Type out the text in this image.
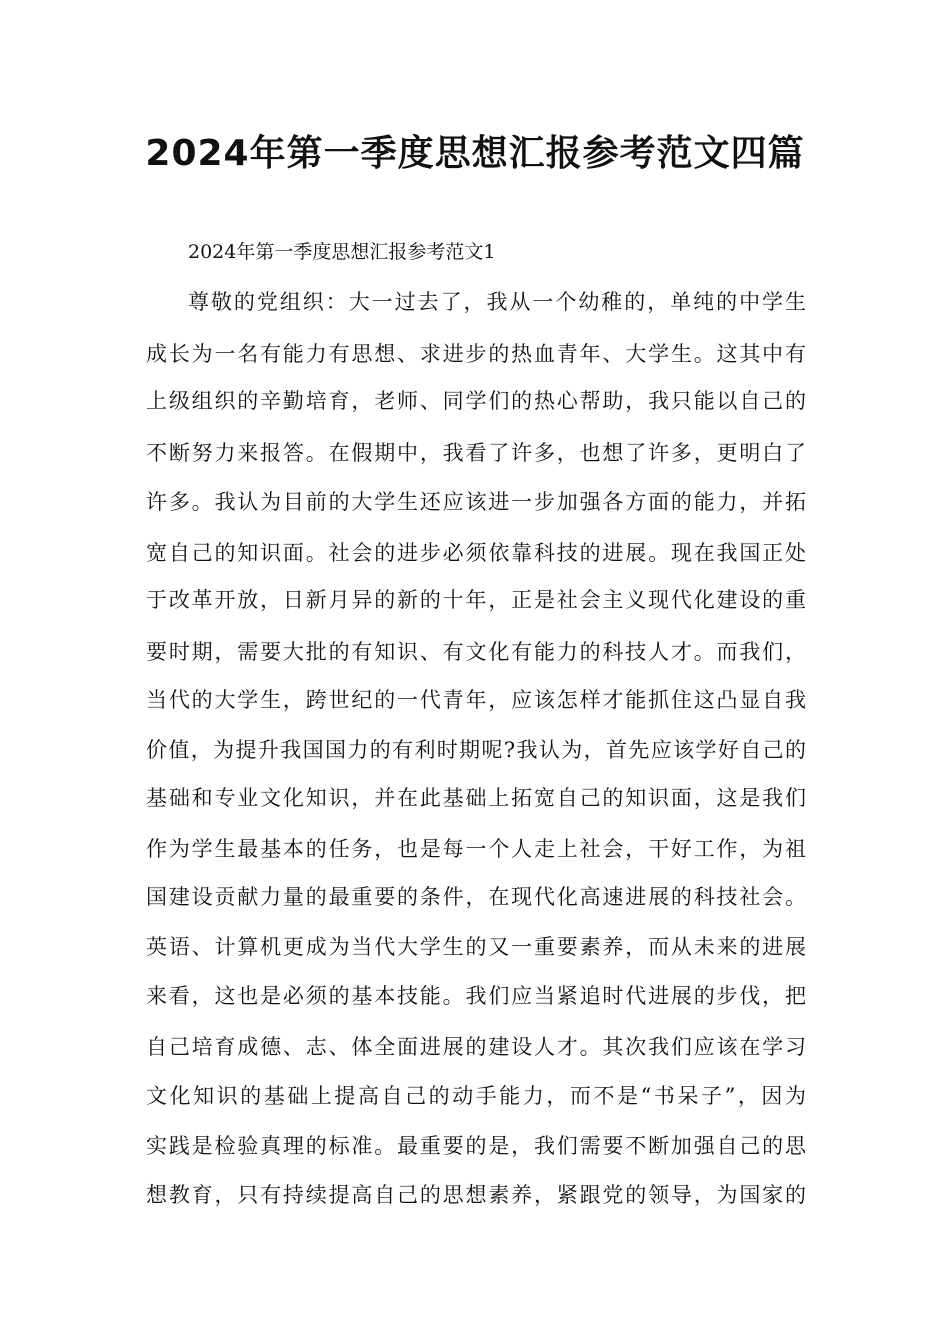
2024年第一季度思想汇报参考范文四篇

2024年第一季度思想汇报参考范文1

尊敬的党组织：大一过去了，我从一个幼稚的，单纯的中学生

成长为一名有能力有思想、求进步的热血青年、大学生。这其中有

上级组织的辛勤培育，老师、同学们的热心帮助，我只能以自己的

不断努力来报答。在假期中，我看了许多，也想了许多，更明白了

许多。我认为目前的大学生还应该进一步加强各方面的能力，并拓

宽自己的知识面。社会的进步必须依靠科技的进展。现在我国正处

于改革开放，日新月异的新的十年，正是社会主义现代化建设的重

要时期，需要大批的有知识、有文化有能力的科技人才。而我们，

当代的大学生，跨世纪的一代青年，应该怎样才能抓住这凸显自我

价值，为提升我国国力的有利时期呢?我认为，首先应该学好自己的

基础和专业文化知识，并在此基础上拓宽自己的知识面，这是我们

作为学生最基本的任务，也是每一个人走上社会，干好工作，为祖

国建设贡献力量的最重要的条件，在现代化高速进展的科技社会。

英语、计算机更成为当代大学生的又一重要素养，而从未来的进展

来看，这也是必须的基本技能。我们应当紧追时代进展的步伐，把

自己培育成德、志、体全面进展的建设人才。其次我们应该在学习

文化知识的基础上提高自己的动手能力，而不是“书呆子”，因为

实践是检验真理的标准。最重要的是，我们需要不断加强自己的思

想教育，只有持续提高自己的思想素养，紧跟党的领导，为国家的
